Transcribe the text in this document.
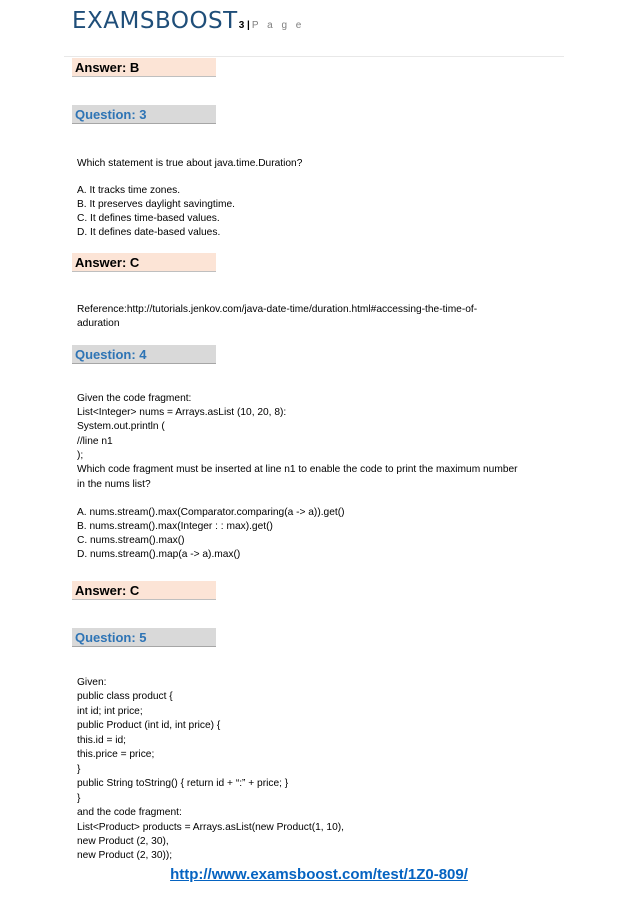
EXAMSBOOST3 | P a g e
Answer: B
Question: 3
Which statement is true about java.time.Duration?
A. It tracks time zones.
B. It preserves daylight savingtime.
C. It defines time-based values.
D. It defines date-based values.
Answer: C
Reference:http://tutorials.jenkov.com/java-date-time/duration.html#accessing-the-time-of-
aduration
Question: 4
Given the code fragment:
List<Integer> nums = Arrays.asList (10, 20, 8):
System.out.println (
//line n1
);
Which code fragment must be inserted at line n1 to enable the code to print the maximum number
in the nums list?
A. nums.stream().max(Comparator.comparing(a -> a)).get()
B. nums.stream().max(Integer : : max).get()
C. nums.stream().max()
D. nums.stream().map(a -> a).max()
Answer: C
Question: 5
Given:
public class product {
int id; int price;
public Product (int id, int price) {
this.id = id;
this.price = price;
}
public String toString() { return id + “:” + price; }
}
and the code fragment:
List<Product> products = Arrays.asList(new Product(1, 10),
new Product (2, 30),
new Product (2, 30));
http://www.examsboost.com/test/1Z0-809/
